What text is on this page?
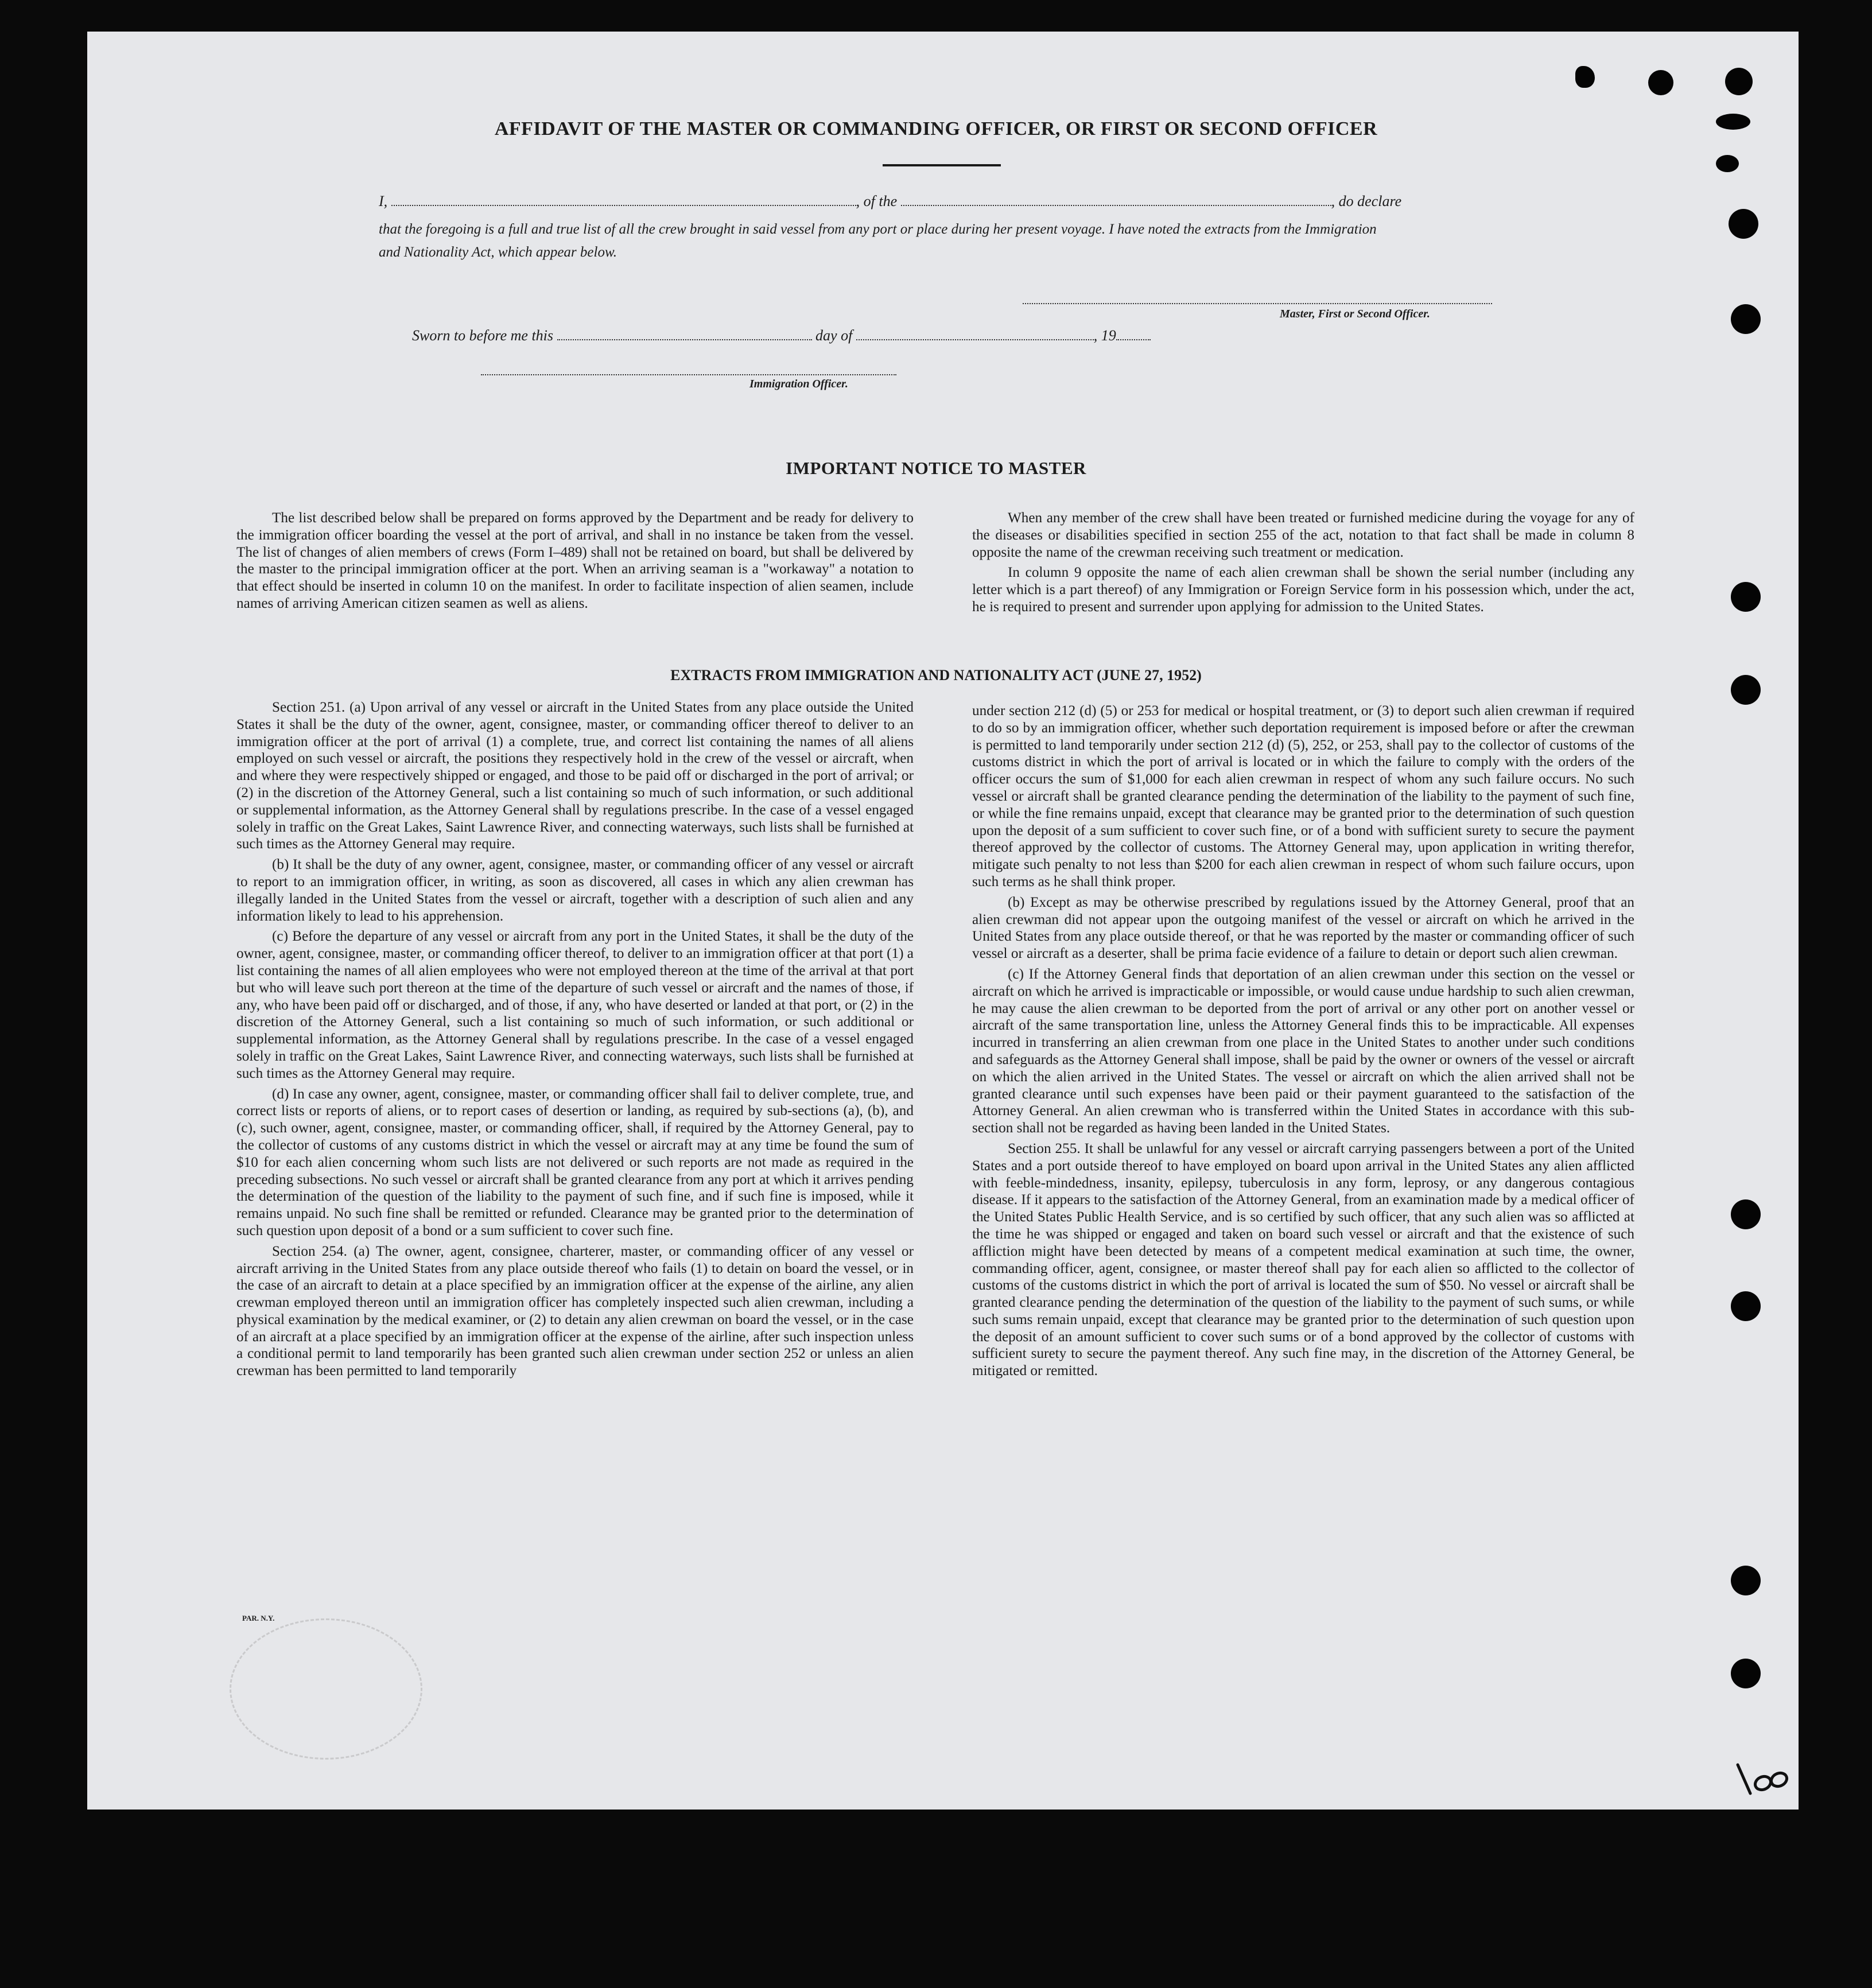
AFFIDAVIT OF THE MASTER OR COMMANDING OFFICER, OR FIRST OR SECOND OFFICER
I,	, of the	, do declare
that the foregoing is a full and true list of all the crew brought in said vessel from any port or place during her present voyage. I have noted the extracts from the Immigration and Nationality Act, which appear below.
Master, First or Second Officer.
Sworn to before me this	day of	, 19
Immigration Officer.
IMPORTANT NOTICE TO MASTER

The list described below shall be prepared on forms approved by the Department and be ready for delivery to the immigration officer boarding the vessel at the port of arrival, and shall in no instance be taken from the vessel. The list of changes of alien members of crews (Form I–489) shall not be retained on board, but shall be delivered by the master to the principal immigration officer at the port. When an arriving seaman is a "workaway" a notation to that effect should be inserted in column 10 on the manifest. In order to facilitate inspection of alien seamen, include names of arriving American citizen seamen as well as aliens.

When any member of the crew shall have been treated or furnished medicine during the voyage for any of the diseases or disabilities specified in section 255 of the act, notation to that fact shall be made in column 8 opposite the name of the crewman receiving such treatment or medication.

In column 9 opposite the name of each alien crewman shall be shown the serial number (including any letter which is a part thereof) of any Immigration or Foreign Service form in his possession which, under the act, he is required to present and surrender upon applying for admission to the United States.

EXTRACTS FROM IMMIGRATION AND NATIONALITY ACT (JUNE 27, 1952)

Section 251. (a) Upon arrival of any vessel or aircraft in the United States from any place outside the United States it shall be the duty of the owner, agent, consignee, master, or commanding officer thereof to deliver to an immigration officer at the port of arrival (1) a complete, true, and correct list containing the names of all aliens employed on such vessel or aircraft, the positions they respectively hold in the crew of the vessel or aircraft, when and where they were respectively shipped or engaged, and those to be paid off or discharged in the port of arrival; or (2) in the discretion of the Attorney General, such a list containing so much of such information, or such additional or supplemental information, as the Attorney General shall by regulations prescribe. In the case of a vessel engaged solely in traffic on the Great Lakes, Saint Lawrence River, and connecting waterways, such lists shall be furnished at such times as the Attorney General may require.

(b) It shall be the duty of any owner, agent, consignee, master, or commanding officer of any vessel or aircraft to report to an immigration officer, in writing, as soon as discovered, all cases in which any alien crewman has illegally landed in the United States from the vessel or aircraft, together with a description of such alien and any information likely to lead to his apprehension.

(c) Before the departure of any vessel or aircraft from any port in the United States, it shall be the duty of the owner, agent, consignee, master, or commanding officer thereof, to deliver to an immigration officer at that port (1) a list containing the names of all alien employees who were not employed thereon at the time of the arrival at that port but who will leave such port thereon at the time of the departure of such vessel or aircraft and the names of those, if any, who have been paid off or discharged, and of those, if any, who have deserted or landed at that port, or (2) in the discretion of the Attorney General, such a list containing so much of such information, or such additional or supplemental information, as the Attorney General shall by regulations prescribe. In the case of a vessel engaged solely in traffic on the Great Lakes, Saint Lawrence River, and connecting waterways, such lists shall be furnished at such times as the Attorney General may require.

(d) In case any owner, agent, consignee, master, or commanding officer shall fail to deliver complete, true, and correct lists or reports of aliens, or to report cases of desertion or landing, as required by sub-sections (a), (b), and (c), such owner, agent, consignee, master, or commanding officer, shall, if required by the Attorney General, pay to the collector of customs of any customs district in which the vessel or aircraft may at any time be found the sum of $10 for each alien concerning whom such lists are not delivered or such reports are not made as required in the preceding subsections. No such vessel or aircraft shall be granted clearance from any port at which it arrives pending the determination of the question of the liability to the payment of such fine, and if such fine is imposed, while it remains unpaid. No such fine shall be remitted or refunded. Clearance may be granted prior to the determination of such question upon deposit of a bond or a sum sufficient to cover such fine.

Section 254. (a) The owner, agent, consignee, charterer, master, or commanding officer of any vessel or aircraft arriving in the United States from any place outside thereof who fails (1) to detain on board the vessel, or in the case of an aircraft to detain at a place specified by an immigration officer at the expense of the airline, any alien crewman employed thereon until an immigration officer has completely inspected such alien crewman, including a physical examination by the medical examiner, or (2) to detain any alien crewman on board the vessel, or in the case of an aircraft at a place specified by an immigration officer at the expense of the airline, after such inspection unless a conditional permit to land temporarily has been granted such alien crewman under section 252 or unless an alien crewman has been permitted to land temporarily

under section 212 (d) (5) or 253 for medical or hospital treatment, or (3) to deport such alien crewman if required to do so by an immigration officer, whether such deportation requirement is imposed before or after the crewman is permitted to land temporarily under section 212 (d) (5), 252, or 253, shall pay to the collector of customs of the customs district in which the port of arrival is located or in which the failure to comply with the orders of the officer occurs the sum of $1,000 for each alien crewman in respect of whom any such failure occurs. No such vessel or aircraft shall be granted clearance pending the determination of the liability to the payment of such fine, or while the fine remains unpaid, except that clearance may be granted prior to the determination of such question upon the deposit of a sum sufficient to cover such fine, or of a bond with sufficient surety to secure the payment thereof approved by the collector of customs. The Attorney General may, upon application in writing therefor, mitigate such penalty to not less than $200 for each alien crewman in respect of whom such failure occurs, upon such terms as he shall think proper.

(b) Except as may be otherwise prescribed by regulations issued by the Attorney General, proof that an alien crewman did not appear upon the outgoing manifest of the vessel or aircraft on which he arrived in the United States from any place outside thereof, or that he was reported by the master or commanding officer of such vessel or aircraft as a deserter, shall be prima facie evidence of a failure to detain or deport such alien crewman.

(c) If the Attorney General finds that deportation of an alien crewman under this section on the vessel or aircraft on which he arrived is impracticable or impossible, or would cause undue hardship to such alien crewman, he may cause the alien crewman to be deported from the port of arrival or any other port on another vessel or aircraft of the same transportation line, unless the Attorney General finds this to be impracticable. All expenses incurred in transferring an alien crewman from one place in the United States to another under such conditions and safeguards as the Attorney General shall impose, shall be paid by the owner or owners of the vessel or aircraft on which the alien arrived in the United States. The vessel or aircraft on which the alien arrived shall not be granted clearance until such expenses have been paid or their payment guaranteed to the satisfaction of the Attorney General. An alien crewman who is transferred within the United States in accordance with this sub-section shall not be regarded as having been landed in the United States.

Section 255. It shall be unlawful for any vessel or aircraft carrying passengers between a port of the United States and a port outside thereof to have employed on board upon arrival in the United States any alien afflicted with feeble-mindedness, insanity, epilepsy, tuberculosis in any form, leprosy, or any dangerous contagious disease. If it appears to the satisfaction of the Attorney General, from an examination made by a medical officer of the United States Public Health Service, and is so certified by such officer, that any such alien was so afflicted at the time he was shipped or engaged and taken on board such vessel or aircraft and that the existence of such affliction might have been detected by means of a competent medical examination at such time, the owner, commanding officer, agent, consignee, or master thereof shall pay for each alien so afflicted to the collector of customs of the customs district in which the port of arrival is located the sum of $50. No vessel or aircraft shall be granted clearance pending the determination of the question of the liability to the payment of such sums, or while such sums remain unpaid, except that clearance may be granted prior to the determination of such question upon the deposit of an amount sufficient to cover such sums or of a bond approved by the collector of customs with sufficient surety to secure the payment thereof. Any such fine may, in the discretion of the Attorney General, be mitigated or remitted.

PAR. N.Y.
